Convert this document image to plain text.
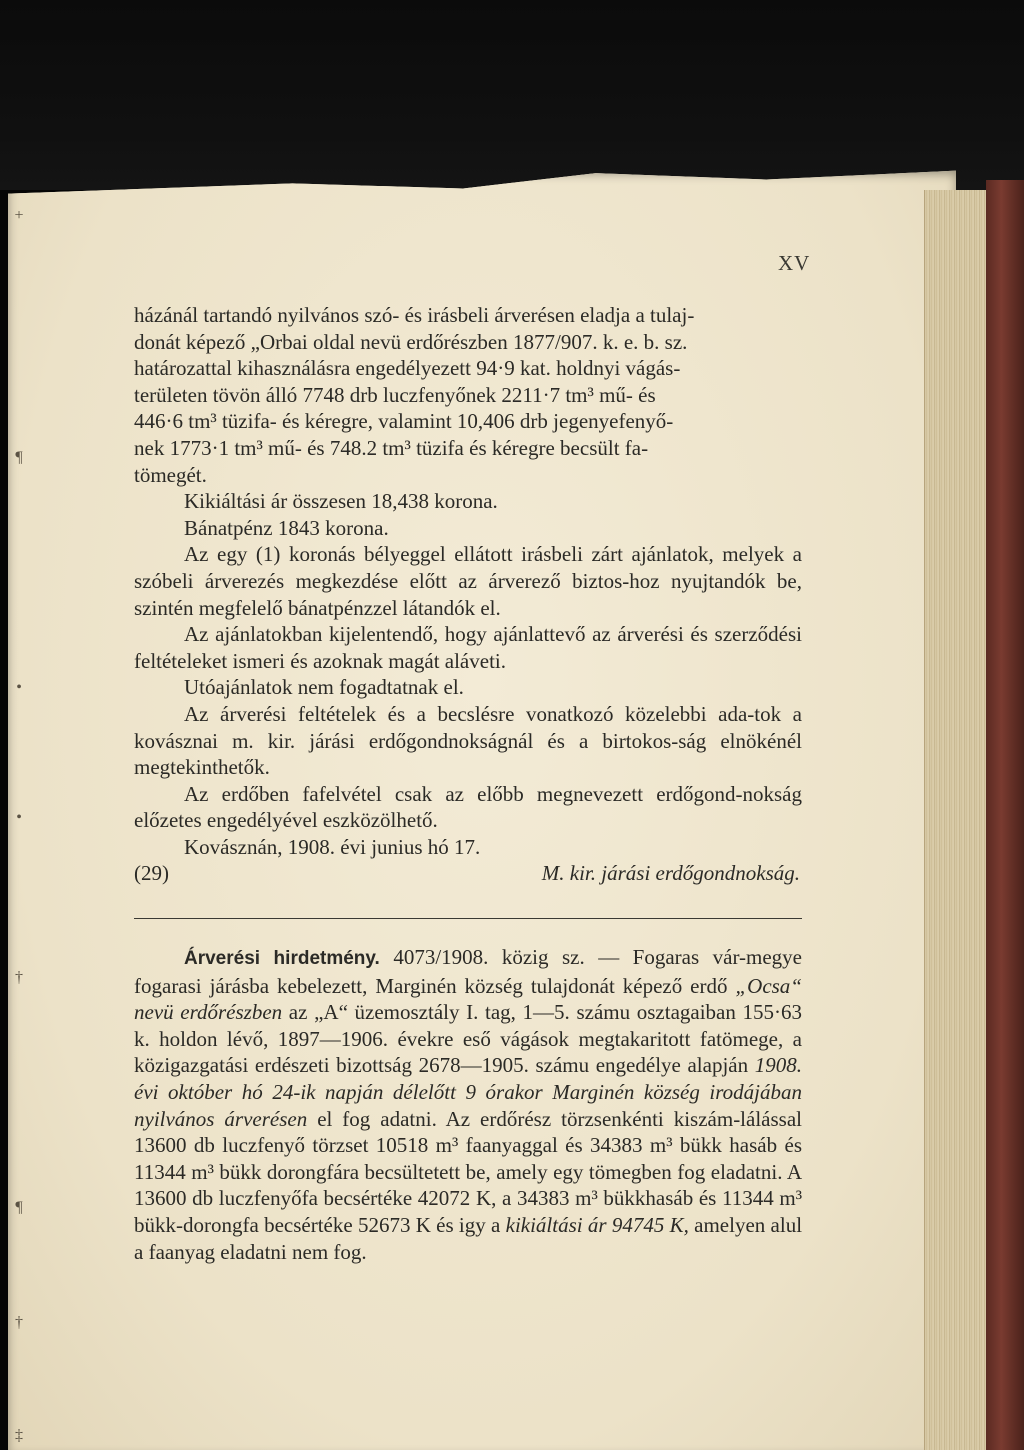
+
¶
•
•
†
¶
†
‡
XV

házánál tartandó nyilvános szó- és irásbeli árverésen eladja a tulaj-

donát képező „Orbai oldal nevü erdőrészben 1877/907. k. e. b. sz.

határozattal kihasználásra engedélyezett 94·9 kat. holdnyi vágás-

területen tövön álló 7748 drb luczfenyőnek 2211·7 tm³ mű- és

446·6 tm³ tüzifa- és kéregre, valamint 10,406 drb jegenyefenyő-

nek 1773·1 tm³ mű- és 748.2 tm³ tüzifa és kéregre becsült fa-

tömegét.

Kikiáltási ár összesen 18,438 korona.

Bánatpénz 1843 korona.

Az egy (1) koronás bélyeggel ellátott irásbeli zárt ajánlatok, melyek a szóbeli árverezés megkezdése előtt az árverező biztos-hoz nyujtandók be, szintén megfelelő bánatpénzzel látandók el.

Az ajánlatokban kijelentendő, hogy ajánlattevő az árverési és szerződési feltételeket ismeri és azoknak magát aláveti.

Utóajánlatok nem fogadtatnak el.

Az árverési feltételek és a becslésre vonatkozó közelebbi ada-tok a kovásznai m. kir. járási erdőgondnokságnál és a birtokos-ság elnökénél megtekinthetők.

Az erdőben fafelvétel csak az előbb megnevezett erdőgond-nokság előzetes engedélyével eszközölhető.

Kovásznán, 1908. évi junius hó 17.

(29)	M. kir. járási erdőgondnokság.

Árverési hirdetmény. 4073/1908. közig sz. — Fogaras vár-megye fogarasi járásba kebelezett, Marginén község tulajdonát képező erdő „Ocsa“ nevü erdőrészben az „A“ üzemosztály I. tag, 1—5. számu osztagaiban 155·63 k. holdon lévő, 1897—1906. évekre eső vágások megtakaritott fatömege, a közigazgatási erdészeti bizottság 2678—1905. számu engedélye alapján 1908. évi október hó 24-ik napján délelőtt 9 órakor Marginén község irodájában nyilvános árverésen el fog adatni. Az erdőrész törzsenkénti kiszám-lálással 13600 db luczfenyő törzset 10518 m³ faanyaggal és 34383 m³ bükk hasáb és 11344 m³ bükk dorongfára becsültetett be, amely egy tömegben fog eladatni. A 13600 db luczfenyőfa becsértéke 42072 K, a 34383 m³ bükkhasáb és 11344 m³ bükk-dorongfa becsértéke 52673 K és igy a kikiáltási ár 94745 K, amelyen alul a faanyag eladatni nem fog.
